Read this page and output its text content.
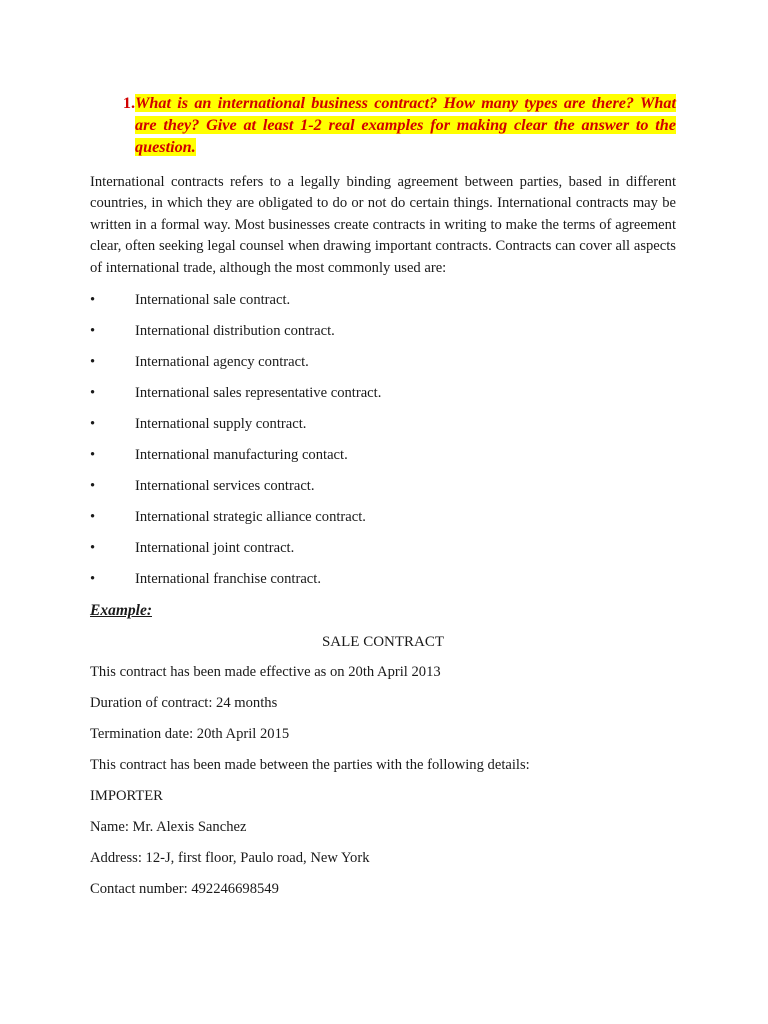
1. What is an international business contract? How many types are there? What are they? Give at least 1-2 real examples for making clear the answer to the question.
International contracts refers to a legally binding agreement between parties, based in different countries, in which they are obligated to do or not do certain things. International contracts may be written in a formal way. Most businesses create contracts in writing to make the terms of agreement clear, often seeking legal counsel when drawing important contracts. Contracts can cover all aspects of international trade, although the most commonly used are:
•	International sale contract.
•	International distribution contract.
•	International agency contract.
•	International sales representative contract.
•	International supply contract.
•	International manufacturing contact.
•	International services contract.
•	International strategic alliance contract.
•	International joint contract.
•	International franchise contract.
Example:
SALE CONTRACT
This contract has been made effective as on 20th April 2013
Duration of contract: 24 months
Termination date: 20th April 2015
This contract has been made between the parties with the following details:
IMPORTER
Name: Mr. Alexis Sanchez
Address: 12-J, first floor, Paulo road, New York
Contact number: 492246698549
